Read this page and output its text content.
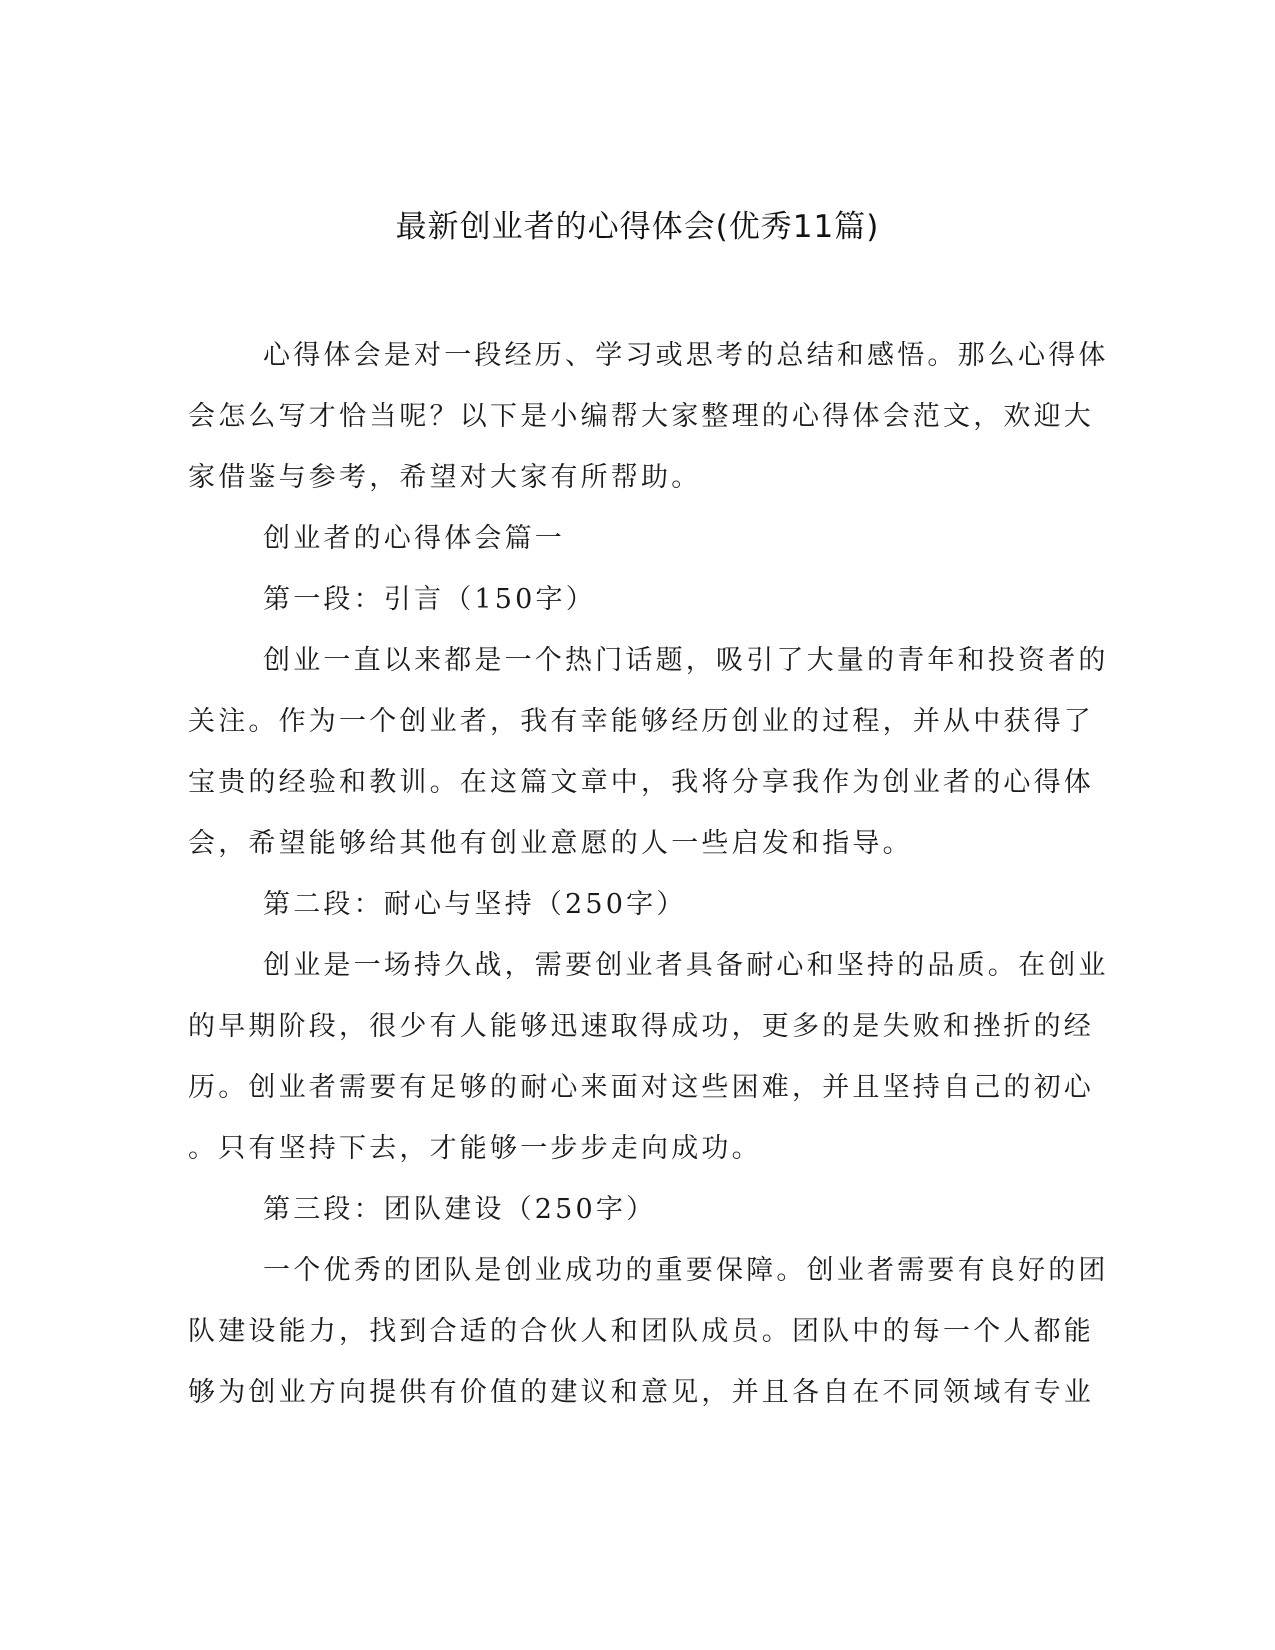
最新创业者的心得体会(优秀11篇)
心得体会是对一段经历、学习或思考的总结和感悟。那么心得体
会怎么写才恰当呢？以下是小编帮大家整理的心得体会范文，欢迎大
家借鉴与参考，希望对大家有所帮助。
创业者的心得体会篇一
第一段：引言（150字）
创业一直以来都是一个热门话题，吸引了大量的青年和投资者的
关注。作为一个创业者，我有幸能够经历创业的过程，并从中获得了
宝贵的经验和教训。在这篇文章中，我将分享我作为创业者的心得体
会，希望能够给其他有创业意愿的人一些启发和指导。
第二段：耐心与坚持（250字）
创业是一场持久战，需要创业者具备耐心和坚持的品质。在创业
的早期阶段，很少有人能够迅速取得成功，更多的是失败和挫折的经
历。创业者需要有足够的耐心来面对这些困难，并且坚持自己的初心
。只有坚持下去，才能够一步步走向成功。
第三段：团队建设（250字）
一个优秀的团队是创业成功的重要保障。创业者需要有良好的团
队建设能力，找到合适的合伙人和团队成员。团队中的每一个人都能
够为创业方向提供有价值的建议和意见，并且各自在不同领域有专业
